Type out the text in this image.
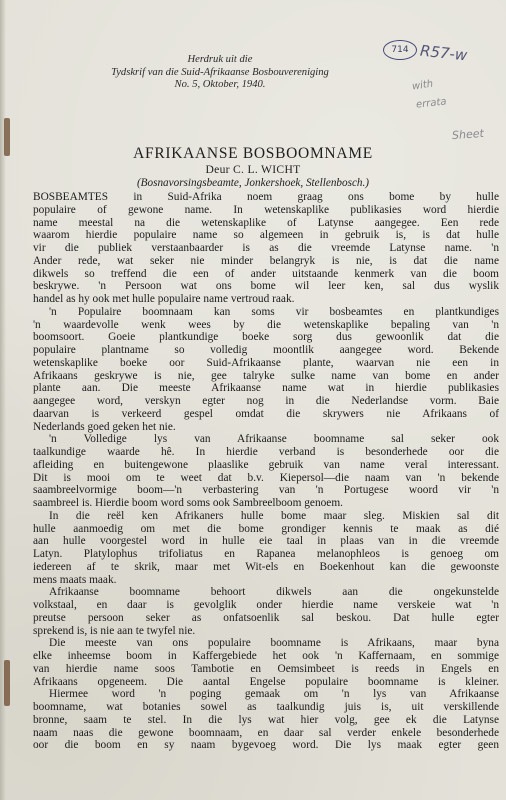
Herdruk uit die
Tydskrif van die Suid-Afrikaanse Bosbouvereniging
No. 5, Oktober, 1940.
714 R57-w
with
errata
Sheet
AFRIKAANSE BOSBOOMNAME
Deur C. L. WICHT
(Bosnavorsingsbeamte, Jonkershoek, Stellenbosch.)
BOSBEAMTES in Suid-Afrika noem graag ons bome by hulle
populaire of gewone name. In wetenskaplike publikasies word hierdie
name meestal na die wetenskaplike of Latynse aangegee. Een rede
waarom hierdie populaire name so algemeen in gebruik is, is dat hulle
vir die publiek verstaanbaarder is as die vreemde Latynse name. 'n
Ander rede, wat seker nie minder belangryk is nie, is dat die name
dikwels so treffend die een of ander uitstaande kenmerk van die boom
beskrywe. 'n Persoon wat ons bome wil leer ken, sal dus wyslik
handel as hy ook met hulle populaire name vertroud raak.
'n Populaire boomnaam kan soms vir bosbeamtes en plantkundiges
'n waardevolle wenk wees by die wetenskaplike bepaling van 'n
boomsoort. Goeie plantkundige boeke sorg dus gewoonlik dat die
populaire plantname so volledig moontlik aangegee word. Bekende
wetenskaplike boeke oor Suid-Afrikaanse plante, waarvan nie een in
Afrikaans geskrywe is nie, gee talryke sulke name van bome en ander
plante aan. Die meeste Afrikaanse name wat in hierdie publikasies
aangegee word, verskyn egter nog in die Nederlandse vorm. Baie
daarvan is verkeerd gespel omdat die skrywers nie Afrikaans of
Nederlands goed geken het nie.
'n Volledige lys van Afrikaanse boomname sal seker ook
taalkundige waarde hê. In hierdie verband is besonderhede oor die
afleiding en buitengewone plaaslike gebruik van name veral interessant.
Dit is mooi om te weet dat b.v. Kiepersol—die naam van 'n bekende
saambreelvormige boom—'n verbastering van 'n Portugese woord vir 'n
saambreel is. Hierdie boom word soms ook Sambreelboom genoem.
In die reël ken Afrikaners hulle bome maar sleg. Miskien sal dit
hulle aanmoedig om met die bome grondiger kennis te maak as dié
aan hulle voorgestel word in hulle eie taal in plaas van in die vreemde
Latyn. Platylophus trifoliatus en Rapanea melanophleos is genoeg om
iedereen af te skrik, maar met Wit-els en Boekenhout kan die gewoonste
mens maats maak.
Afrikaanse boomname behoort dikwels aan die ongekunstelde
volkstaal, en daar is gevolglik onder hierdie name verskeie wat 'n
preutse persoon seker as onfatsoenlik sal beskou. Dat hulle egter
sprekend is, is nie aan te twyfel nie.
Die meeste van ons populaire boomname is Afrikaans, maar byna
elke inheemse boom in Kaffergebiede het ook 'n Kaffernaam, en sommige
van hierdie name soos Tambotie en Oemsimbeet is reeds in Engels en
Afrikaans opgeneem. Die aantal Engelse populaire boomname is kleiner.
Hiermee word 'n poging gemaak om 'n lys van Afrikaanse
boomname, wat botanies sowel as taalkundig juis is, uit verskillende
bronne, saam te stel. In die lys wat hier volg, gee ek die Latynse
naam naas die gewone boomnaam, en daar sal verder enkele besonderhede
oor die boom en sy naam bygevoeg word. Die lys maak egter geen
